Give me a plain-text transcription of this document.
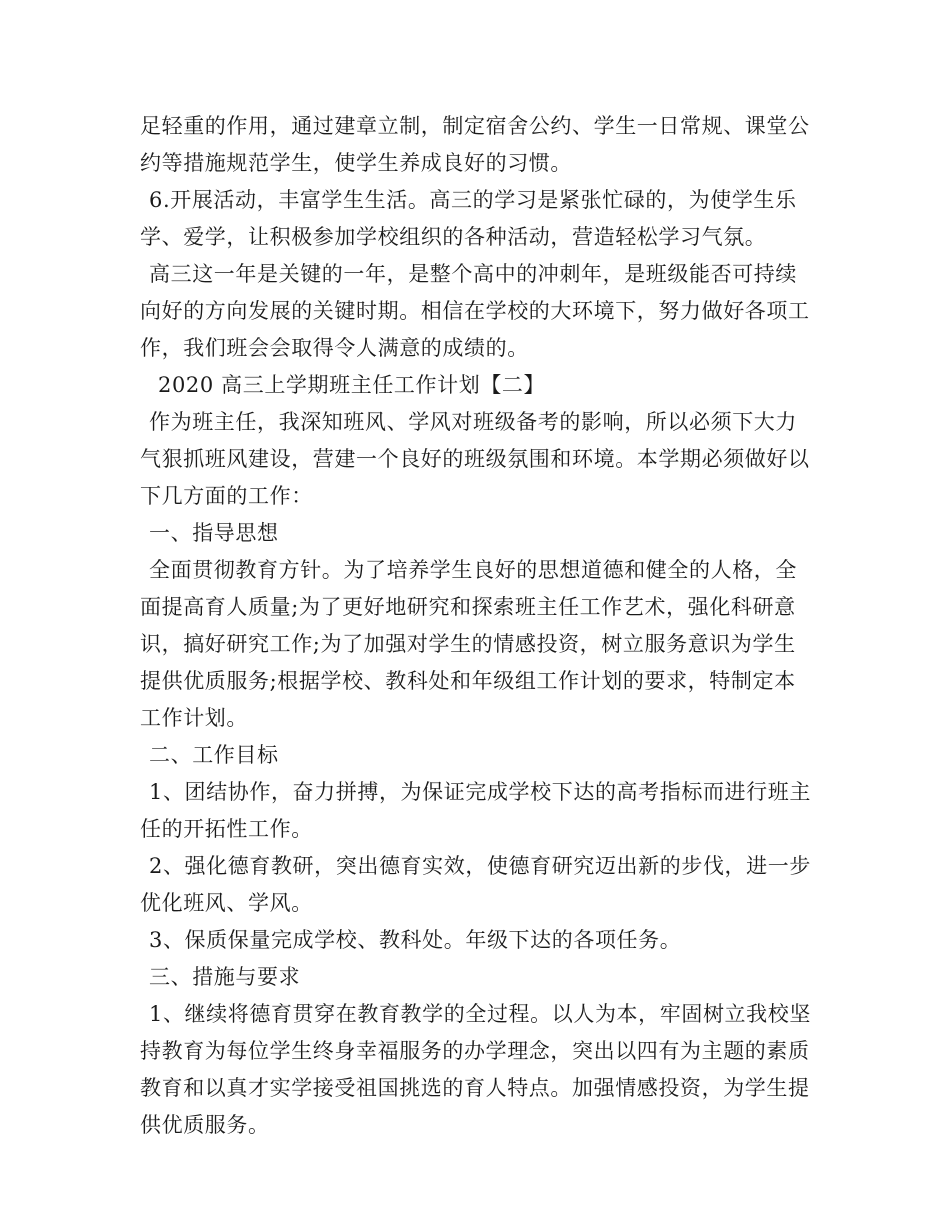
足轻重的作用，通过建章立制，制定宿舍公约、学生一日常规、课堂公
约等措施规范学生，使学生养成良好的习惯。
6.开展活动，丰富学生生活。高三的学习是紧张忙碌的，为使学生乐
学、爱学，让积极参加学校组织的各种活动，营造轻松学习气氛。
高三这一年是关键的一年，是整个高中的冲刺年，是班级能否可持续
向好的方向发展的关键时期。相信在学校的大环境下，努力做好各项工
作，我们班会会取得令人满意的成绩的。
2020 高三上学期班主任工作计划【二】
作为班主任，我深知班风、学风对班级备考的影响，所以必须下大力
气狠抓班风建设，营建一个良好的班级氛围和环境。本学期必须做好以
下几方面的工作：
一、指导思想
全面贯彻教育方针。为了培养学生良好的思想道德和健全的人格，全
面提高育人质量;为了更好地研究和探索班主任工作艺术，强化科研意
识，搞好研究工作;为了加强对学生的情感投资，树立服务意识为学生
提供优质服务;根据学校、教科处和年级组工作计划的要求，特制定本
工作计划。
二、工作目标
1、团结协作，奋力拼搏，为保证完成学校下达的高考指标而进行班主
任的开拓性工作。
2、强化德育教研，突出德育实效，使德育研究迈出新的步伐，进一步
优化班风、学风。
3、保质保量完成学校、教科处。年级下达的各项任务。
三、措施与要求
1、继续将德育贯穿在教育教学的全过程。以人为本，牢固树立我校坚
持教育为每位学生终身幸福服务的办学理念，突出以四有为主题的素质
教育和以真才实学接受祖国挑选的育人特点。加强情感投资，为学生提
供优质服务。
